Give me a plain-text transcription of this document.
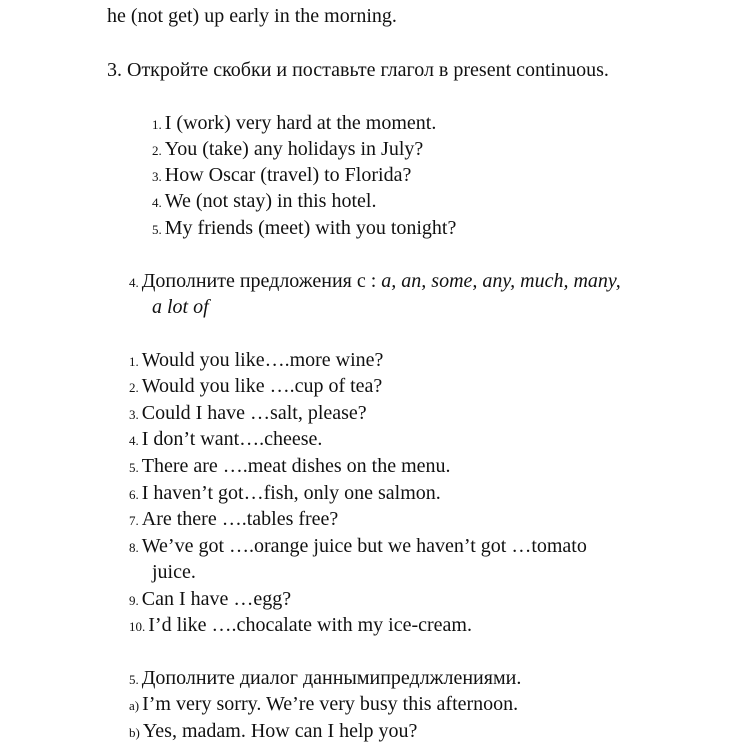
he (not get) up early in the morning.
3. Откройте скобки и поставьте глагол в present continuous.
1. I (work) very hard at the moment.
2. You (take) any holidays in July?
3. How Oscar (travel) to Florida?
4. We (not stay) in this hotel.
5. My friends (meet) with you tonight?
4. Дополните предложения с : a, an, some, any, much, many,
a lot of
1. Would you like….more wine?
2. Would you like ….cup of tea?
3. Could I have …salt, please?
4. I don’t want….cheese.
5. There are ….meat dishes on the menu.
6. I haven’t got…fish, only one salmon.
7. Are there ….tables free?
8. We’ve got ….orange juice but we haven’t got …tomato
juice.
9. Can I have …egg?
10. I’d like ….chocalate with my ice-cream.
5. Дополните диалог даннымипредлжлениями.
a) I’m very sorry. We’re very busy this afternoon.
b) Yes, madam. How can I help you?
